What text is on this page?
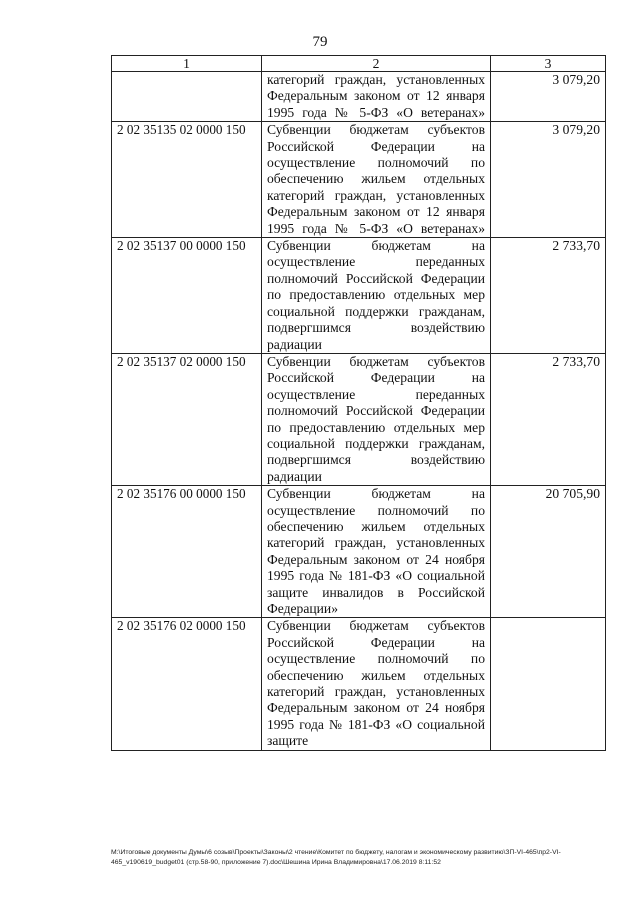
79
1	2	3
	категорий граждан, установленных Федеральным законом от 12 января 1995 года № 5-ФЗ «О ветеранах»	3 079,20
2 02 35135 02 0000 150	Субвенции бюджетам субъектов Российской Федерации на осуществление полномочий по обеспечению жильем отдельных категорий граждан, установленных Федеральным законом от 12 января 1995 года № 5-ФЗ «О ветеранах»	3 079,20
2 02 35137 00 0000 150	Субвенции бюджетам на осуществление переданных полномочий Российской Федерации по предоставлению отдельных мер социальной поддержки гражданам, подвергшимся воздействию радиации	2 733,70
2 02 35137 02 0000 150	Субвенции бюджетам субъектов Российской Федерации на осуществление переданных полномочий Российской Федерации по предоставлению отдельных мер социальной поддержки гражданам, подвергшимся воздействию радиации	2 733,70
2 02 35176 00 0000 150	Субвенции бюджетам на осуществление полномочий по обеспечению жильем отдельных категорий граждан, установленных Федеральным законом от 24 ноября 1995 года № 181-ФЗ «О социальной защите инвалидов в Российской Федерации»	20 705,90
2 02 35176 02 0000 150	Субвенции бюджетам субъектов Российской Федерации на осуществление полномочий по обеспечению жильем отдельных категорий граждан, установленных Федеральным законом от 24 ноября 1995 года № 181-ФЗ «О социальной защите	
M:\Итоговые документы Думы\6 созыв\Проекты\Законы\2 чтение\Комитет по бюджету, налогам и экономическому развитию\ЗП-VI-465\пр2-VI-465_v190619_budget01 (стр.58-90, приложение 7).doc\Шешина Ирина Владимировна\17.06.2019 8:11:52
